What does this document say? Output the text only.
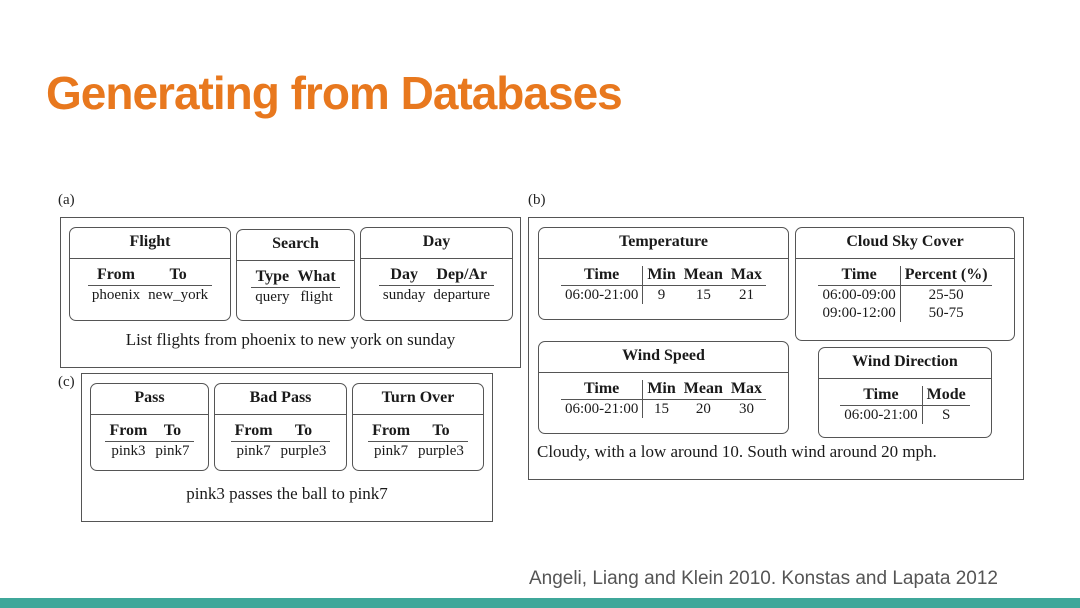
Generating from Databases
(a)
Flight
From	To
phoenix	new_york
Search
Type	What
query	flight
Day
Day	Dep/Ar
sunday	departure
List flights from phoenix to new york on sunday
(c)
Pass
From	To
pink3	pink7
Bad Pass
From	To
pink7	purple3
Turn Over
From	To
pink7	purple3
pink3 passes the ball to pink7
(b)
Temperature
Time	Min	Mean	Max
06:00-21:00	9	15	21
Cloud Sky Cover
Time	Percent (%)
06:00-09:00	25-50
09:00-12:00	50-75
Wind Speed
Time	Min	Mean	Max
06:00-21:00	15	20	30
Wind Direction
Time	Mode
06:00-21:00	S
Cloudy, with a low around 10. South wind around 20 mph.
Angeli, Liang and Klein 2010. Konstas and Lapata 2012
